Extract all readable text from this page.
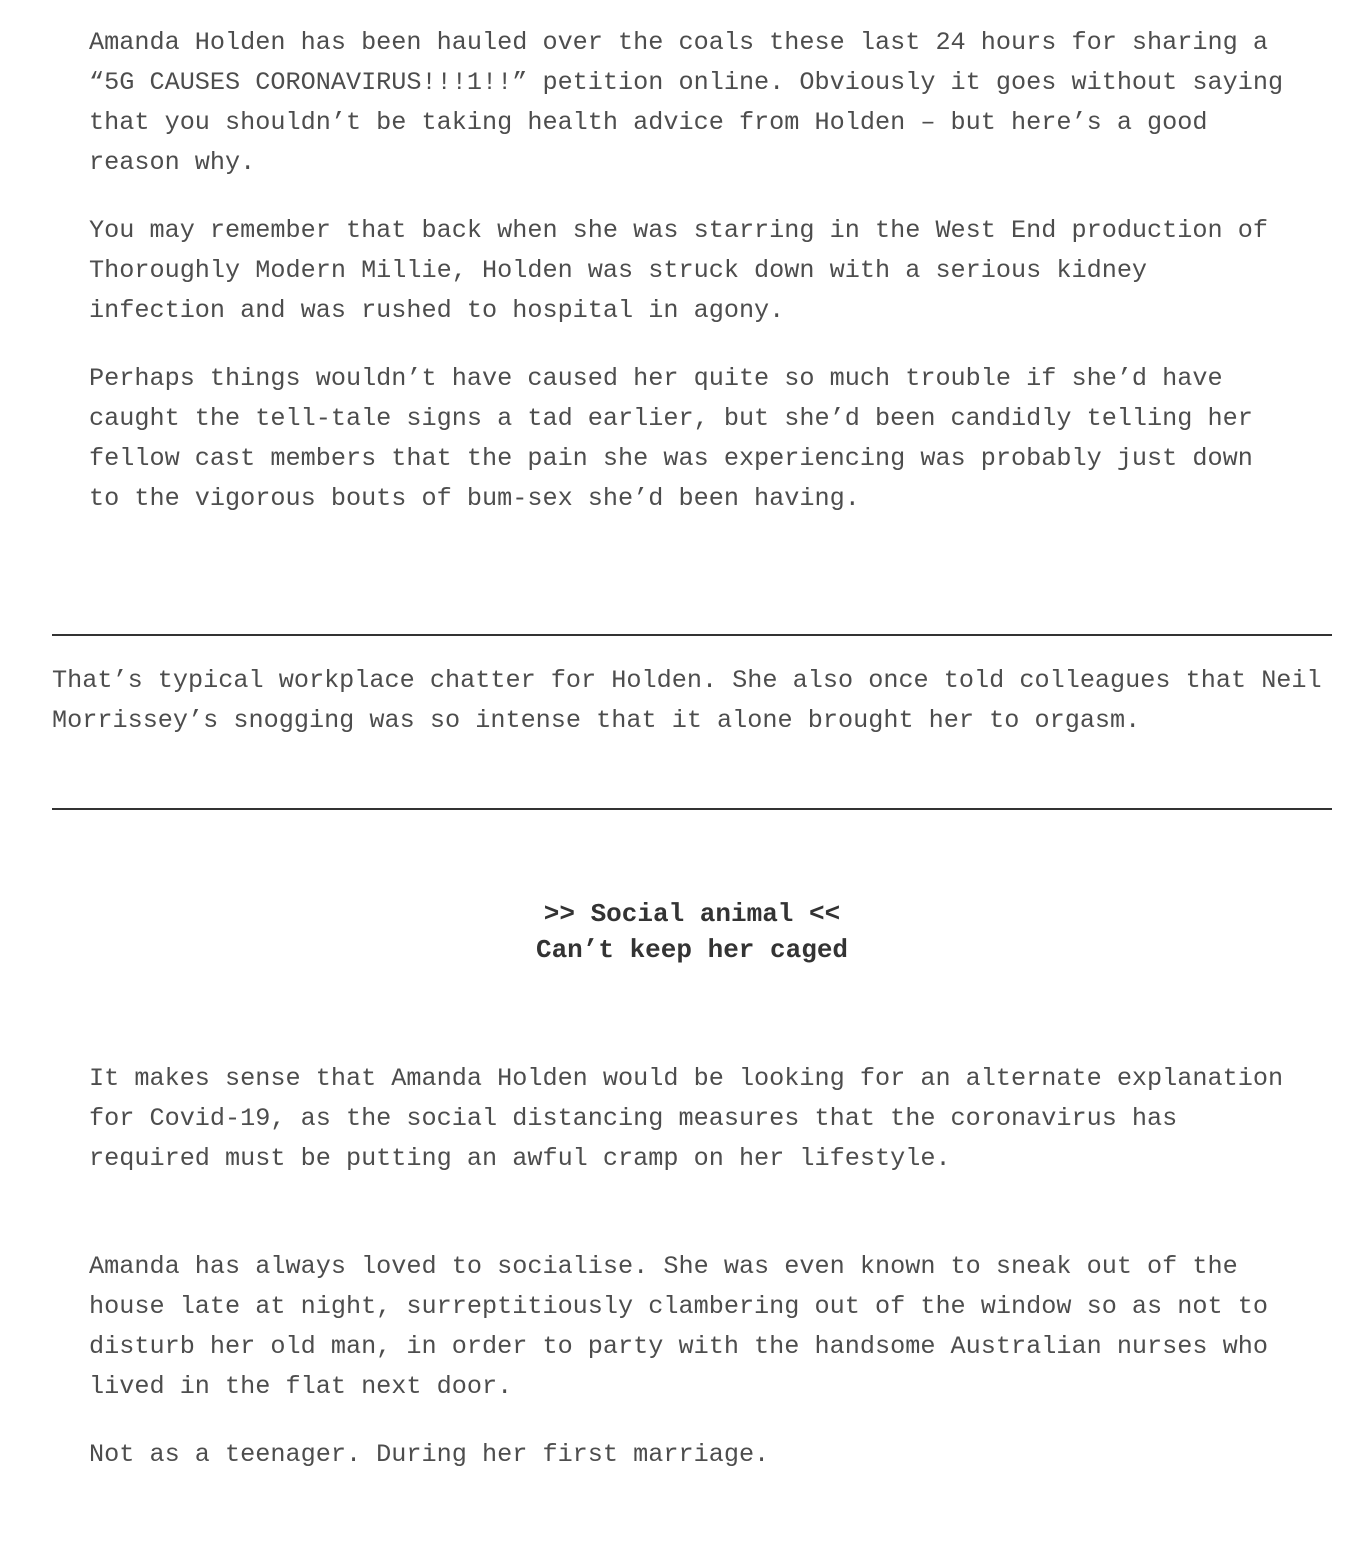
Amanda Holden has been hauled over the coals these last 24 hours for sharing a “5G CAUSES CORONAVIRUS!!!1!!” petition online. Obviously it goes without saying that you shouldn’t be taking health advice from Holden – but here’s a good reason why.

You may remember that back when she was starring in the West End production of Thoroughly Modern Millie, Holden was struck down with a serious kidney infection and was rushed to hospital in agony.

Perhaps things wouldn’t have caused her quite so much trouble if she’d have caught the tell-tale signs a tad earlier, but she’d been candidly telling her fellow cast members that the pain she was experiencing was probably just down to the vigorous bouts of bum-sex she’d been having.

That’s typical workplace chatter for Holden. She also once told colleagues that Neil Morrissey’s snogging was so intense that it alone brought her to orgasm.

>> Social animal <<
Can’t keep her caged

It makes sense that Amanda Holden would be looking for an alternate explanation for Covid-19, as the social distancing measures that the coronavirus has required must be putting an awful cramp on her lifestyle.

Amanda has always loved to socialise. She was even known to sneak out of the house late at night, surreptitiously clambering out of the window so as not to disturb her old man, in order to party with the handsome Australian nurses who lived in the flat next door.

Not as a teenager. During her first marriage.
